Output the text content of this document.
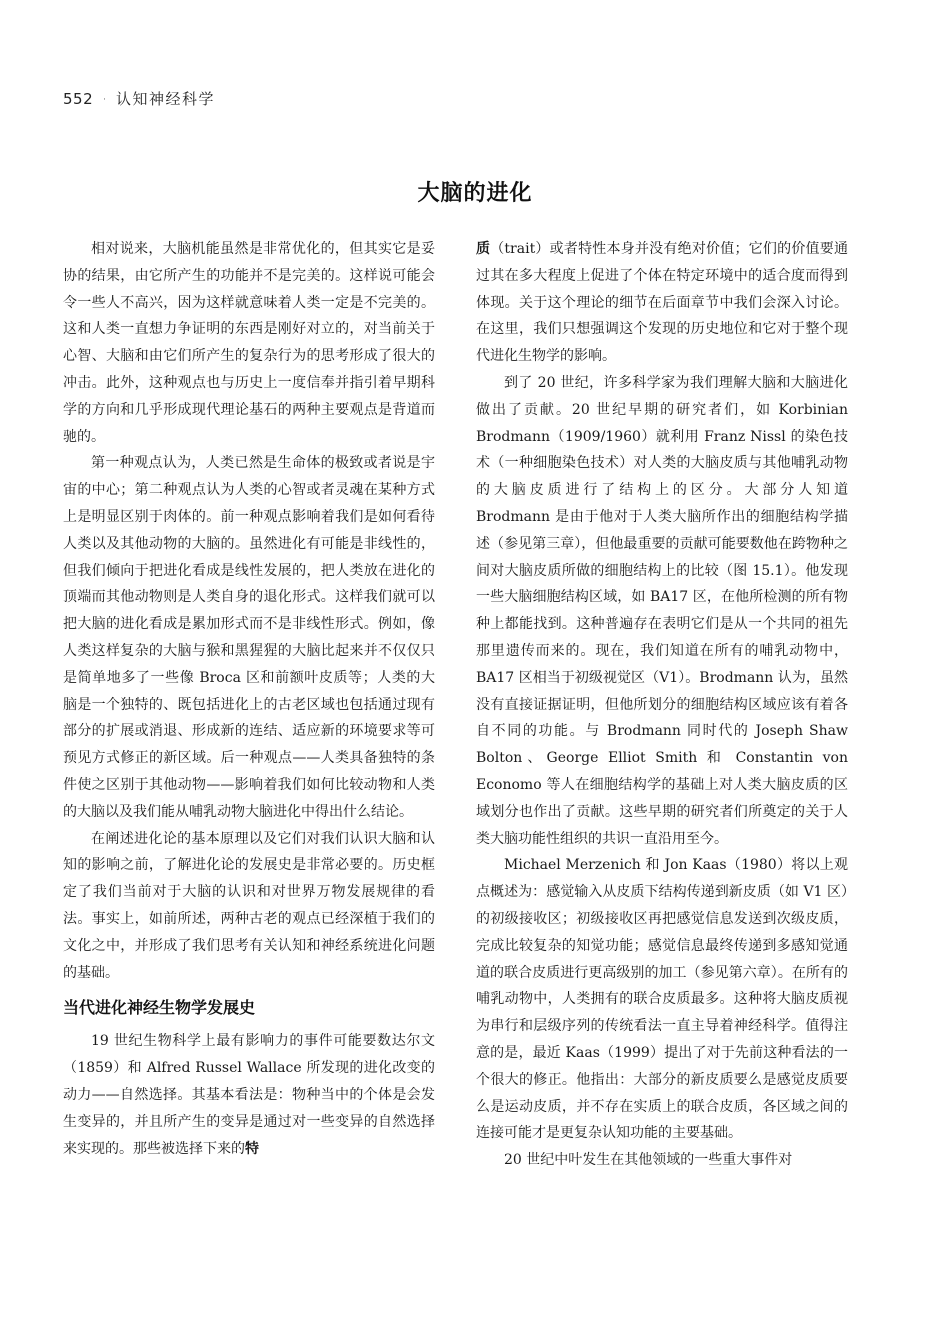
552 · 认知神经科学
大脑的进化

相对说来，大脑机能虽然是非常优化的，但其实它是妥协的结果，由它所产生的功能并不是完美的。这样说可能会令一些人不高兴，因为这样就意味着人类一定是不完美的。这和人类一直想力争证明的东西是刚好对立的，对当前关于心智、大脑和由它们所产生的复杂行为的思考形成了很大的冲击。此外，这种观点也与历史上一度信奉并指引着早期科学的方向和几乎形成现代理论基石的两种主要观点是背道而驰的。

第一种观点认为，人类已然是生命体的极致或者说是宇宙的中心；第二种观点认为人类的心智或者灵魂在某种方式上是明显区别于肉体的。前一种观点影响着我们是如何看待人类以及其他动物的大脑的。虽然进化有可能是非线性的，但我们倾向于把进化看成是线性发展的，把人类放在进化的顶端而其他动物则是人类自身的退化形式。这样我们就可以把大脑的进化看成是累加形式而不是非线性形式。例如，像人类这样复杂的大脑与猴和黑猩猩的大脑比起来并不仅仅只是简单地多了一些像 Broca 区和前额叶皮质等；人类的大脑是一个独特的、既包括进化上的古老区域也包括通过现有部分的扩展或消退、形成新的连结、适应新的环境要求等可预见方式修正的新区域。后一种观点——人类具备独特的条件使之区别于其他动物——影响着我们如何比较动物和人类的大脑以及我们能从哺乳动物大脑进化中得出什么结论。

在阐述进化论的基本原理以及它们对我们认识大脑和认知的影响之前，了解进化论的发展史是非常必要的。历史框定了我们当前对于大脑的认识和对世界万物发展规律的看法。事实上，如前所述，两种古老的观点已经深植于我们的文化之中，并形成了我们思考有关认知和神经系统进化问题的基础。

当代进化神经生物学发展史

19 世纪生物科学上最有影响力的事件可能要数达尔文（1859）和 Alfred Russel Wallace 所发现的进化改变的动力——自然选择。其基本看法是：物种当中的个体是会发生变异的，并且所产生的变异是通过对一些变异的自然选择来实现的。那些被选择下来的特

质（trait）或者特性本身并没有绝对价值；它们的价值要通过其在多大程度上促进了个体在特定环境中的适合度而得到体现。关于这个理论的细节在后面章节中我们会深入讨论。在这里，我们只想强调这个发现的历史地位和它对于整个现代进化生物学的影响。

到了 20 世纪，许多科学家为我们理解大脑和大脑进化做出了贡献。20 世纪早期的研究者们，如 Korbinian Brodmann（1909/1960）就利用 Franz Nissl 的染色技术（一种细胞染色技术）对人类的大脑皮质与其他哺乳动物的大脑皮质进行了结构上的区分。大部分人知道 Brodmann 是由于他对于人类大脑所作出的细胞结构学描述（参见第三章），但他最重要的贡献可能要数他在跨物种之间对大脑皮质所做的细胞结构上的比较（图 15.1）。他发现一些大脑细胞结构区域，如 BA17 区，在他所检测的所有物种上都能找到。这种普遍存在表明它们是从一个共同的祖先那里遗传而来的。现在，我们知道在所有的哺乳动物中，BA17 区相当于初级视觉区（V1）。Brodmann 认为，虽然没有直接证据证明，但他所划分的细胞结构区域应该有着各自不同的功能。与 Brodmann 同时代的 Joseph Shaw Bolton、George Elliot Smith 和 Constantin von Economo 等人在细胞结构学的基础上对人类大脑皮质的区域划分也作出了贡献。这些早期的研究者们所奠定的关于人类大脑功能性组织的共识一直沿用至今。

Michael Merzenich 和 Jon Kaas（1980）将以上观点概述为：感觉输入从皮质下结构传递到新皮质（如 V1 区）的初级接收区；初级接收区再把感觉信息发送到次级皮质，完成比较复杂的知觉功能；感觉信息最终传递到多感知觉通道的联合皮质进行更高级别的加工（参见第六章）。在所有的哺乳动物中，人类拥有的联合皮质最多。这种将大脑皮质视为串行和层级序列的传统看法一直主导着神经科学。值得注意的是，最近 Kaas（1999）提出了对于先前这种看法的一个很大的修正。他指出：大部分的新皮质要么是感觉皮质要么是运动皮质，并不存在实质上的联合皮质，各区域之间的连接可能才是更复杂认知功能的主要基础。

20 世纪中叶发生在其他领域的一些重大事件对
